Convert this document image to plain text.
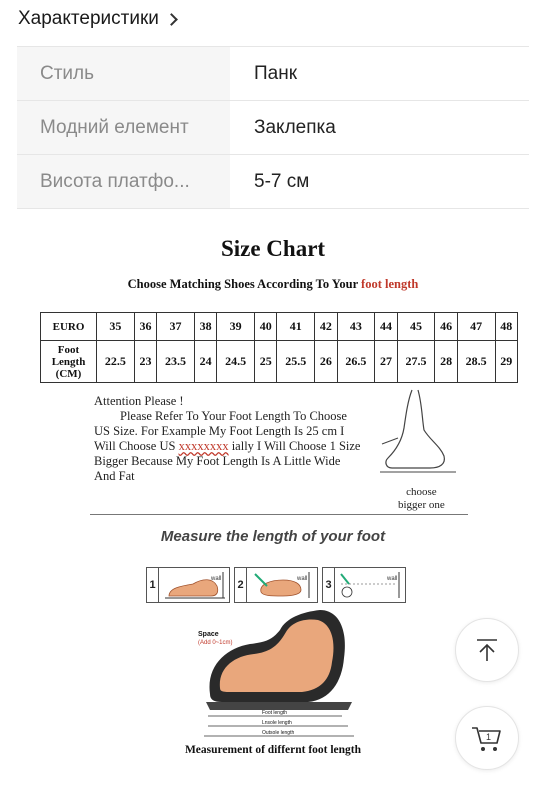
Характеристики
Стиль	Панк
Модний елемент	Заклепка
Висота платфо...	5-7 см
Size Chart
Choose Matching Shoes According To Your foot length
EURO	35	36	37	38	39	40	41	42	43	44	45	46	47	48
Foot Length (CM)	22.5	23	23.5	24	24.5	25	25.5	26	26.5	27	27.5	28	28.5	29
Attention Please !
Please Refer To Your Foot Length To Choose
US Size. For Example My Foot Length Is 25 cm I
Will Choose US xxxxxxxx ially I Will Choose 1 Size
Bigger Because My Foot Length Is A Little Wide
And Fat
choose
bigger one
Measure the length of your foot
1	wall 2	wall 3	wall
Space
(Add 0~1cm)
Foot length
Lnsole length
Outsole length
Measurement of differnt foot length
1
